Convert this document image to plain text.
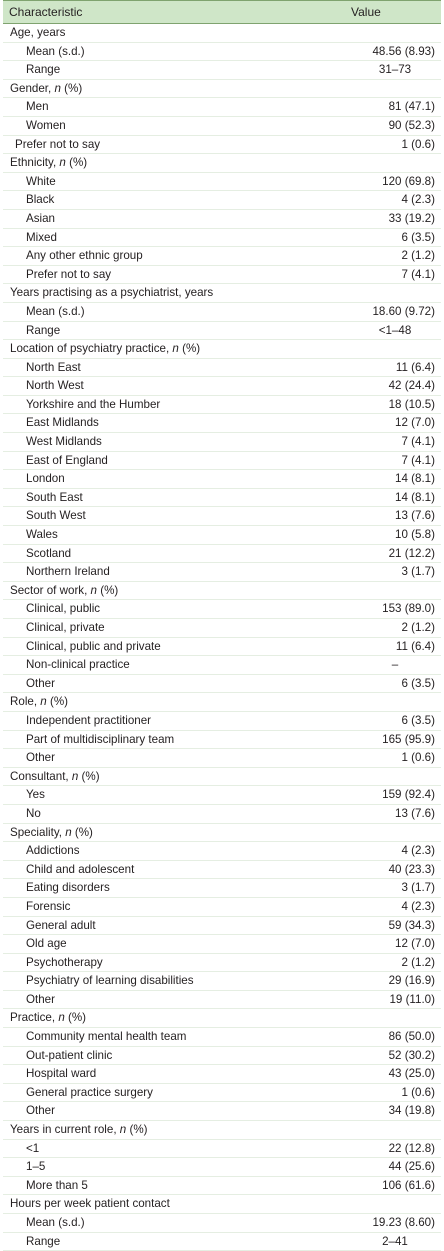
Characteristic	Value
Age, years
Mean (s.d.)	48.56 (8.93)
Range	31–73
Gender, n (%)
Men	81 (47.1)
Women	90 (52.3)
Prefer not to say	1 (0.6)
Ethnicity, n (%)
White	120 (69.8)
Black	4 (2.3)
Asian	33 (19.2)
Mixed	6 (3.5)
Any other ethnic group	2 (1.2)
Prefer not to say	7 (4.1)
Years practising as a psychiatrist, years
Mean (s.d.)	18.60 (9.72)
Range	<1–48
Location of psychiatry practice, n (%)
North East	11 (6.4)
North West	42 (24.4)
Yorkshire and the Humber	18 (10.5)
East Midlands	12 (7.0)
West Midlands	7 (4.1)
East of England	7 (4.1)
London	14 (8.1)
South East	14 (8.1)
South West	13 (7.6)
Wales	10 (5.8)
Scotland	21 (12.2)
Northern Ireland	3 (1.7)
Sector of work, n (%)
Clinical, public	153 (89.0)
Clinical, private	2 (1.2)
Clinical, public and private	11 (6.4)
Non-clinical practice	–
Other	6 (3.5)
Role, n (%)
Independent practitioner	6 (3.5)
Part of multidisciplinary team	165 (95.9)
Other	1 (0.6)
Consultant, n (%)
Yes	159 (92.4)
No	13 (7.6)
Speciality, n (%)
Addictions	4 (2.3)
Child and adolescent	40 (23.3)
Eating disorders	3 (1.7)
Forensic	4 (2.3)
General adult	59 (34.3)
Old age	12 (7.0)
Psychotherapy	2 (1.2)
Psychiatry of learning disabilities	29 (16.9)
Other	19 (11.0)
Practice, n (%)
Community mental health team	86 (50.0)
Out-patient clinic	52 (30.2)
Hospital ward	43 (25.0)
General practice surgery	1 (0.6)
Other	34 (19.8)
Years in current role, n (%)
<1	22 (12.8)
1–5	44 (25.6)
More than 5	106 (61.6)
Hours per week patient contact
Mean (s.d.)	19.23 (8.60)
Range	2–41
